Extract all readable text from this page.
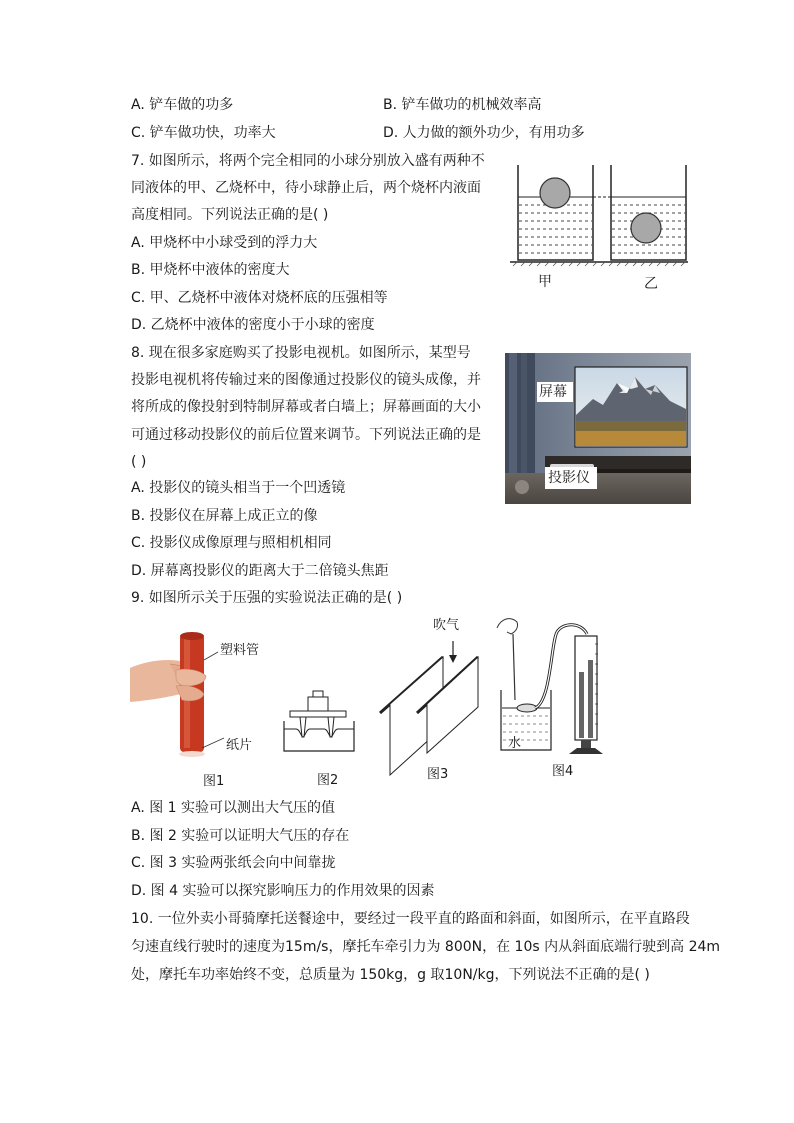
A. 铲车做的功多	B. 铲车做功的机械效率高
C. 铲车做功快，功率大	D. 人力做的额外功少，有用功多
7. 如图所示，将两个完全相同的小球分别放入盛有两种不
同液体的甲、乙烧杯中，待小球静止后，两个烧杯内液面
高度相同。下列说法正确的是( )
A. 甲烧杯中小球受到的浮力大
B. 甲烧杯中液体的密度大
C. 甲、乙烧杯中液体对烧杯底的压强相等
D. 乙烧杯中液体的密度小于小球的密度
甲	乙
8. 现在很多家庭购买了投影电视机。如图所示，某型号
投影电视机将传输过来的图像通过投影仪的镜头成像，并
将所成的像投射到特制屏幕或者白墙上；屏幕画面的大小
可通过移动投影仪的前后位置来调节。下列说法正确的是
( )
A. 投影仪的镜头相当于一个凹透镜
B. 投影仪在屏幕上成正立的像
C. 投影仪成像原理与照相机相同
D. 屏幕离投影仪的距离大于二倍镜头焦距
屏幕
投影仪
9. 如图所示关于压强的实验说法正确的是( )
塑料管
纸片
图1	图2
吹气
图3
水
图4
A. 图 1 实验可以测出大气压的值
B. 图 2 实验可以证明大气压的存在
C. 图 3 实验两张纸会向中间靠拢
D. 图 4 实验可以探究影响压力的作用效果的因素
10. 一位外卖小哥骑摩托送餐途中，要经过一段平直的路面和斜面，如图所示，在平直路段
匀速直线行驶时的速度为15m/s，摩托车牵引力为 800N，在 10s 内从斜面底端行驶到高 24m
处，摩托车功率始终不变，总质量为 150kg，g 取10N/kg，下列说法不正确的是( )
